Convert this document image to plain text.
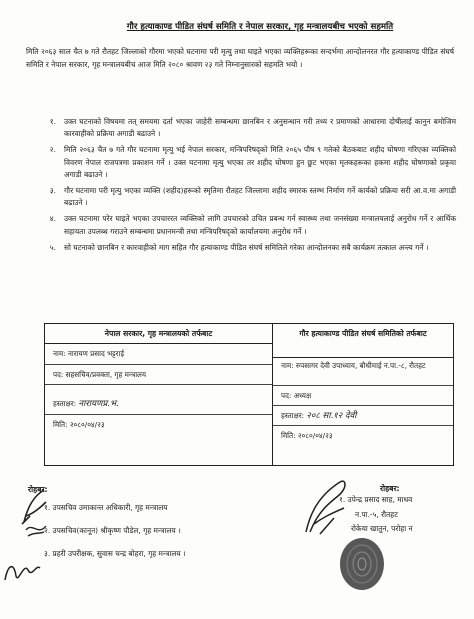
गौर हत्याकाण्ड पीडित संघर्ष समिति र नेपाल सरकार, गृह मन्त्रालयबीच भएको सहमति
मिति २०६३ साल चैत ७ गते रौतहट जिल्लाको गौरमा भएको घटनामा परी मृत्यु तथा घाइते भएका व्यक्तिहरूका सन्दर्भमा आन्दोलनरत गौर हत्याकाण्ड पीडित संघर्ष समिति र नेपाल सरकार, गृह मन्त्रालयबीच आज मिति २०८० श्रावण २३ गते निम्नानुसारको सहमति भयो ।
१.	उक्त घटनाको विषयमा तत् समयमा दर्ता भएका जाहेरी सम्बन्धमा छानबिन र अनुसन्धान गरी तथ्य र प्रमाणको आधारमा दोषीलाई कानुन बमोजिम कारवाहीको प्रक्रिया अगाडी बढाउने ।
२.	मिति २०६३ चैत ७ गते गौर घटनामा मृत्यु भई नेपाल सरकार, मन्त्रिपरिषद्को मिति २०६५ पौष ९ गतेको बैठकबाट शहीद घोषणा गरिएका व्यक्तिको विवरण नेपाल राजपत्रमा प्रकाशन गर्ने । उक्त घटनामा मृत्यु भएका तर शहीद घोषणा हुन छुट भएका मृतकहरूका हकमा शहीद घोषणाको प्रकृया अगाडी बढाउने ।
३.	गौर घटनामा परी मृत्यु भएका व्यक्ति (शहीद)हरूको स्मृतिमा रौतहट जिल्लामा शहीद स्मारक स्तम्भ निर्माण गर्ने कार्यको प्रक्रिया सरी आ.व.मा अगाडी बढाउने ।
४.	उक्त घटनामा परेर घाइते भएका उपचाररत व्यक्तिको लागि उपचारको उचित प्रबन्ध गर्न स्वास्थ्य तथा जनसंख्या मन्त्रालयलाई अनुरोध गर्ने र आर्थिक सहायता उपलब्ध गराउने सम्बन्धमा प्रधानमन्त्री तथा मन्त्रिपरिषद्को कार्यालयमा अनुरोध गर्ने ।
५.	सो घटनाको छानबिन र कारवाहीको माग सहित गौर हत्याकाण्ड पीडित संघर्ष समितिले गरेका आन्दोलनका सबै कार्यक्रम तत्काल अन्त्य गर्ने ।
नेपाल सरकार, गृह मन्त्रालयको तर्फबाट
नाम: नारायण प्रसाद भट्टराई
पद: सहसचिव/प्रवक्ता, गृह मन्त्रालय
हस्ताक्षर: नारायणप्र.भ.
मिति: २०८०/०४/२३
गौर हत्याकाण्ड पीडित संघर्ष समितिको तर्फबाट
नाम: रुपसागर देवी उपाध्याय, बौधीमाई न.पा.-८, रौतहट
पद: अध्यक्ष
हस्ताक्षर: २०८ सा.१२ देवी
मिति: २०८०/०४/२३
रोहबर:
१. उपसचिव उमाकान्त अधिकारी, गृह मन्त्रालय
२. उपसचिव(कानून) श्रीकृष्ण पौडेल, गृह मन्त्रालय ।
३. प्रहरी उपरीक्षक, सुवास चन्द्र बोहरा, गृह मन्त्रालय ।
रोहबर:
१. उपेन्द्र प्रसाद साह, माधव
न.पा.-५, रौतहट
रोकेया खातुन, परोहा न
